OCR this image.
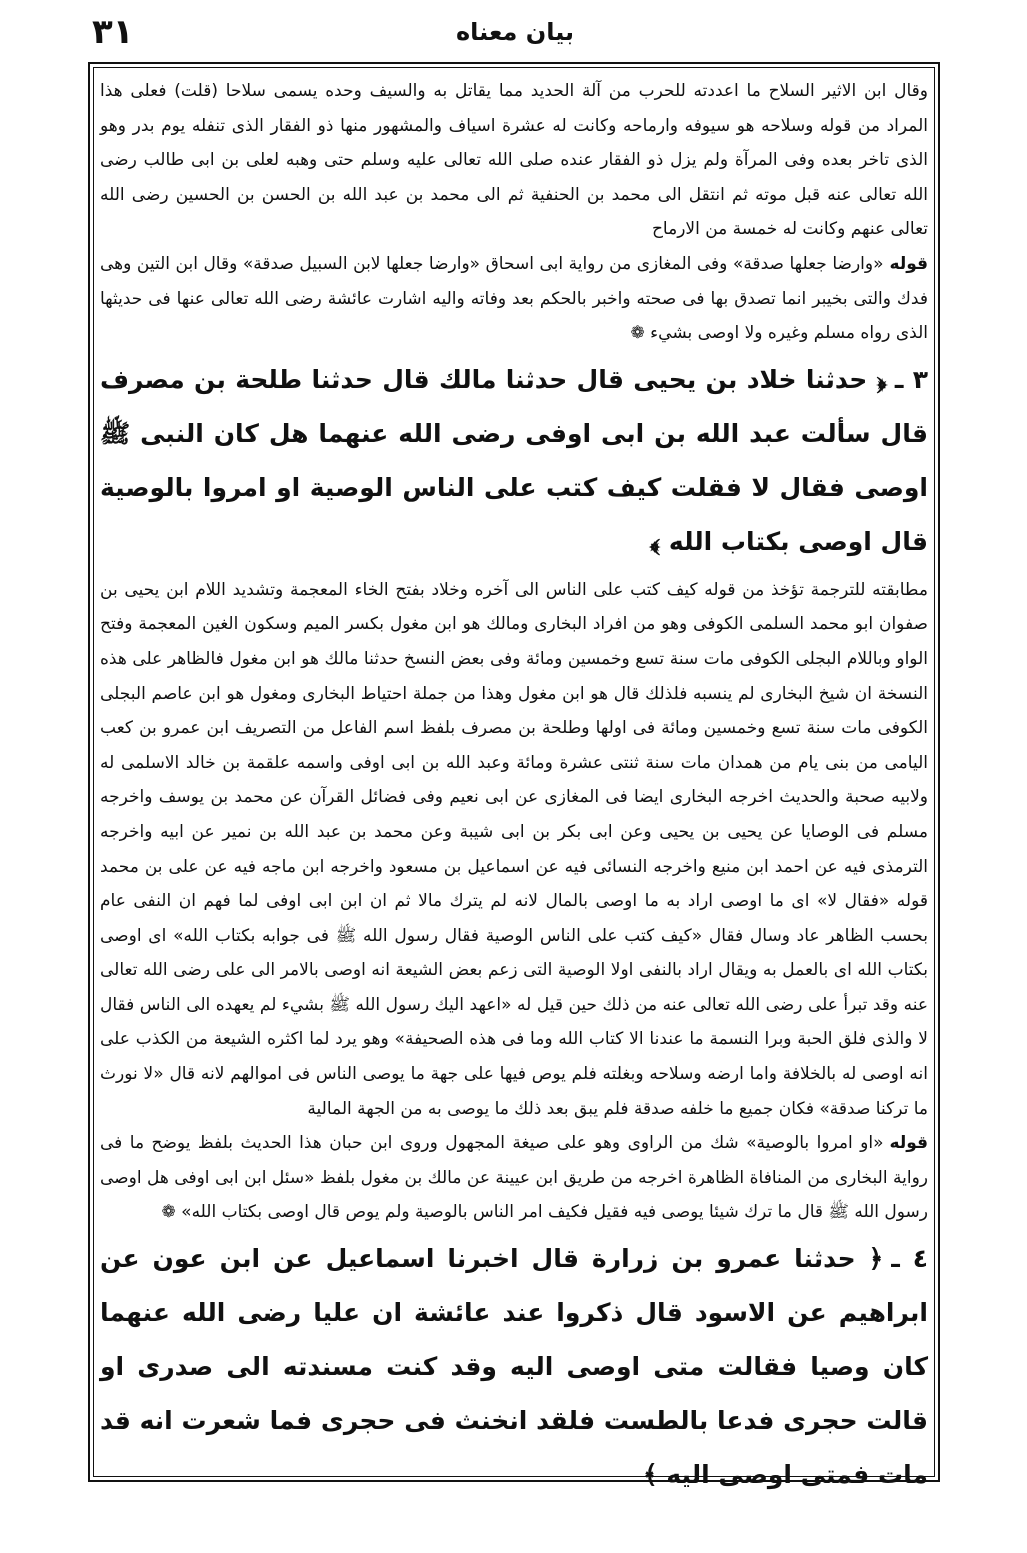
٣١	بیان معناه

وقال ابن الاثير السلاح ما اعددته للحرب من آلة الحديد مما يقاتل به والسيف وحده يسمى سلاحا (قلت) فعلى هذا المراد من قوله وسلاحه هو سيوفه وارماحه وكانت له عشرة اسياف والمشهور منها ذو الفقار الذى تنفله يوم بدر وهو الذى تاخر بعده وفى المرآة ولم يزل ذو الفقار عنده صلى الله تعالى عليه وسلم حتى وهبه لعلى بن ابى طالب رضى الله تعالى عنه قبل موته ثم انتقل الى محمد بن الحنفية ثم الى محمد بن عبد الله بن الحسن بن الحسين رضى الله تعالى عنهم وكانت له خمسة من الارماح

قوله«وارضا جعلها صدقة» وفى المغازى من رواية ابى اسحاق «وارضا جعلها لابن السبيل صدقة» وقال ابن التين وهى فدك والتى بخيبر انما تصدق بها فى صحته واخبر بالحكم بعد وفاته واليه اشارت عائشة رضى الله تعالى عنها فى حديثها الذى رواه مسلم وغيره ولا اوصى بشيء ❁

٣ ـ﴿ حدثنا خلاد بن يحيى قال حدثنا مالك قال حدثنا طلحة بن مصرف قال سألت عبد الله بن ابى اوفى رضى الله عنهما هل كان النبى ﷺ اوصى فقال لا فقلت كيف كتب على الناس الوصية او امروا بالوصية قال اوصى بكتاب الله ﴾

مطابقته للترجمة تؤخذ من قوله كيف كتب على الناس الى آخره وخلاد بفتح الخاء المعجمة وتشديد اللام ابن يحيى بن صفوان ابو محمد السلمى الكوفى وهو من افراد البخارى ومالك هو ابن مغول بكسر الميم وسكون الغين المعجمة وفتح الواو وباللام البجلى الكوفى مات سنة تسع وخمسين ومائة وفى بعض النسخ حدثنا مالك هو ابن مغول فالظاهر على هذه النسخة ان شيخ البخارى لم ينسبه فلذلك قال هو ابن مغول وهذا من جملة احتياط البخارى ومغول هو ابن عاصم البجلى الكوفى مات سنة تسع وخمسين ومائة فى اولها وطلحة بن مصرف بلفظ اسم الفاعل من التصريف ابن عمرو بن كعب اليامى من بنى يام من همدان مات سنة ثنتى عشرة ومائة وعبد الله بن ابى اوفى واسمه علقمة بن خالد الاسلمى له ولابيه صحبة والحديث اخرجه البخارى ايضا فى المغازى عن ابى نعيم وفى فضائل القرآن عن محمد بن يوسف واخرجه مسلم فى الوصايا عن يحيى بن يحيى وعن ابى بكر بن ابى شيبة وعن محمد بن عبد الله بن نمير عن ابيه واخرجه الترمذى فيه عن احمد ابن منيع واخرجه النسائى فيه عن اسماعيل بن مسعود واخرجه ابن ماجه فيه عن على بن محمد قوله «فقال لا» اى ما اوصى اراد به ما اوصى بالمال لانه لم يترك مالا ثم ان ابن ابى اوفى لما فهم ان النفى عام بحسب الظاهر عاد وسال فقال «كيف كتب على الناس الوصية فقال رسول الله ﷺ فى جوابه بكتاب الله» اى اوصى بكتاب الله اى بالعمل به ويقال اراد بالنفى اولا الوصية التى زعم بعض الشيعة انه اوصى بالامر الى على رضى الله تعالى عنه وقد تبرأ على رضى الله تعالى عنه من ذلك حين قيل له «اعهد اليك رسول الله ﷺ بشيء لم يعهده الى الناس فقال لا والذى فلق الحبة وبرا النسمة ما عندنا الا كتاب الله وما فى هذه الصحيفة» وهو يرد لما اكثره الشيعة من الكذب على انه اوصى له بالخلافة واما ارضه وسلاحه وبغلته فلم يوص فيها على جهة ما يوصى الناس فى اموالهم لانه قال «لا نورث ما تركنا صدقة» فكان جميع ما خلفه صدقة فلم يبق بعد ذلك ما يوصى به من الجهة المالية

قوله«او امروا بالوصية» شك من الراوى وهو على صيغة المجهول وروى ابن حبان هذا الحديث بلفظ يوضح ما فى رواية البخارى من المنافاة الظاهرة اخرجه من طريق ابن عيينة عن مالك بن مغول بلفظ «سئل ابن ابى اوفى هل اوصى رسول الله ﷺ قال ما ترك شيئا يوصى فيه فقيل فكيف امر الناس بالوصية ولم يوص قال اوصى بكتاب الله» ❁

٤ ـ﴿ حدثنا عمرو بن زرارة قال اخبرنا اسماعيل عن ابن عون عن ابراهيم عن الاسود قال ذكروا عند عائشة ان عليا رضى الله عنهما كان وصيا فقالت متى اوصى اليه وقد كنت مسندته الى صدرى او قالت حجرى فدعا بالطست فلقد انخنث فى حجرى فما شعرت انه قد مات فمتى اوصى اليه ﴾
